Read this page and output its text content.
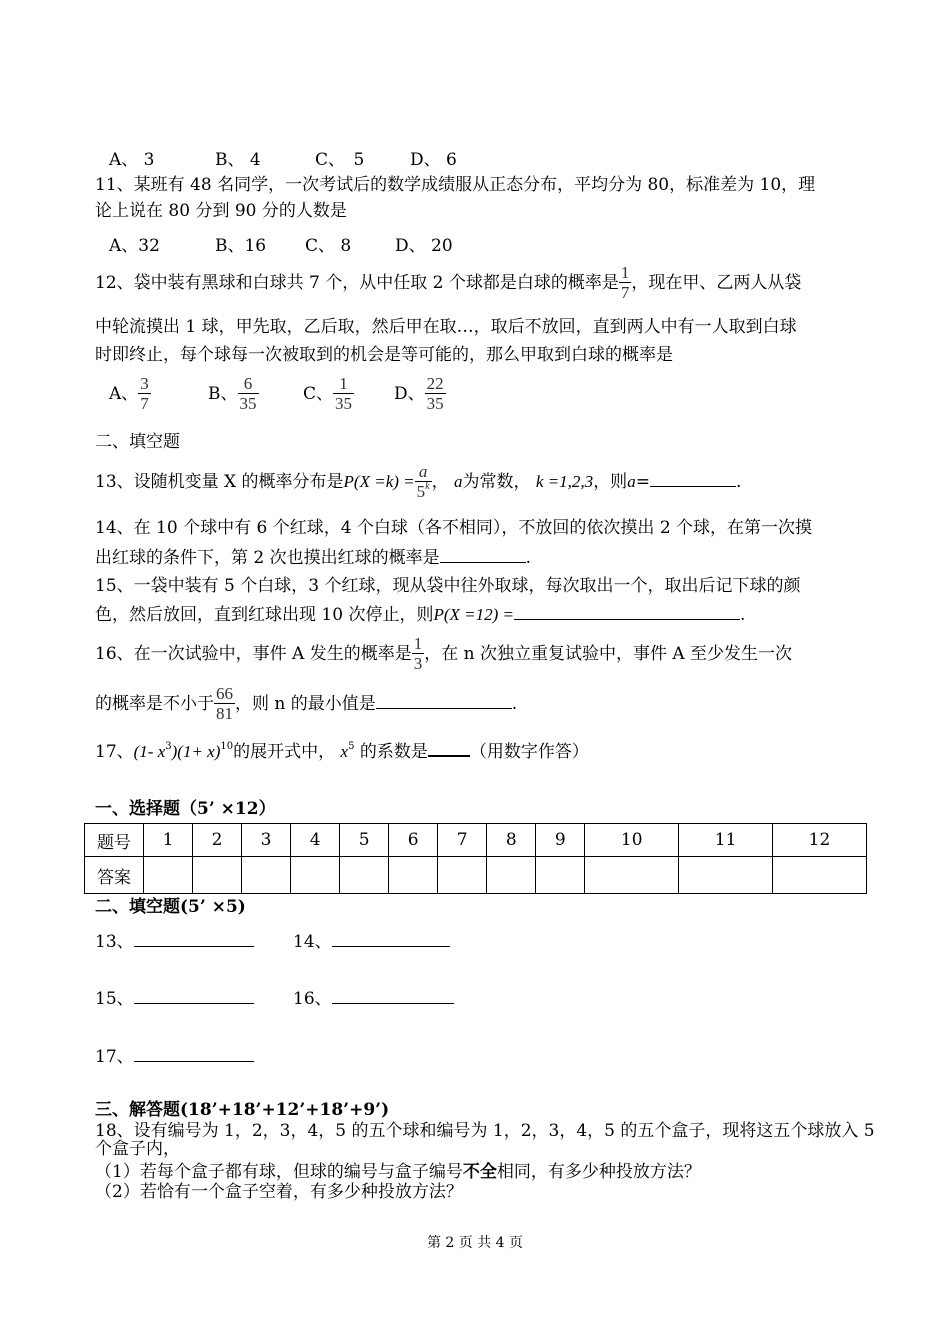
A、 3	B、 4	C、　5	D、 6
11、某班有 48 名同学，一次考试后的数学成绩服从正态分布，平均分为 80，标准差为 10，理
论上说在 80 分到 90 分的人数是
A、32	B、16 C、 8	D、 20
12、袋中装有黑球和白球共 7 个，从中任取 2 个球都是白球的概率是 $\frac{1}{7}$ ，现在甲、乙两人从袋
中轮流摸出 1 球，甲先取，乙后取，然后甲在取…，取后不放回，直到两人中有一人取到白球
时即终止，每个球每一次被取到的机会是等可能的，那么甲取到白球的概率是
A、 $\frac{3}{7}$	B、 $\frac{6}{35}$	C、 $\frac{1}{35}$ D、 $\frac{22}{35}$
二、填空题
13、设随机变量 X 的概率分布是$P(X =k) = \frac{a}{5^k}$ ， a为常数， k =1,2,3，则a=	.
14、在 10 个球中有 6 个红球，4 个白球（各不相同），不放回的依次摸出 2 个球，在第一次摸
出红球的条件下，第 2 次也摸出红球的概率是	.
15、一袋中装有 5 个白球，3 个红球，现从袋中往外取球，每次取出一个，取出后记下球的颜
色，然后放回，直到红球出现 10 次停止，则P(X =12) =	.
16、在一次试验中，事件 A 发生的概率是 $\frac{1}{3}$ ，在 n 次独立重复试验中，事件 A 至少发生一次
的概率是不小于 $\frac{66}{81}$ ，则 n 的最小值是	.
17、(1- $x^3)(1+ x)^{10}$的展开式中， $x^5$ 的系数是 （用数字作答）
一、选择题（5’ ×12）
题号	1	2	3	4	5	6	7	8	9	10	11	12
答案												
二、填空题(5’ ×5)
13、	14、
15、	16、
17、
三、解答题(18’+18’+12’+18’+9’)
18、设有编号为 1，2，3，4，5 的五个球和编号为 1，2，3，4，5 的五个盒子，现将这五个球放入 5
个盒子内，
（1）若每个盒子都有球，但球的编号与盒子编号不全相同，有多少种投放方法？
（2）若恰有一个盒子空着，有多少种投放方法？
第 2 页 共 4 页
